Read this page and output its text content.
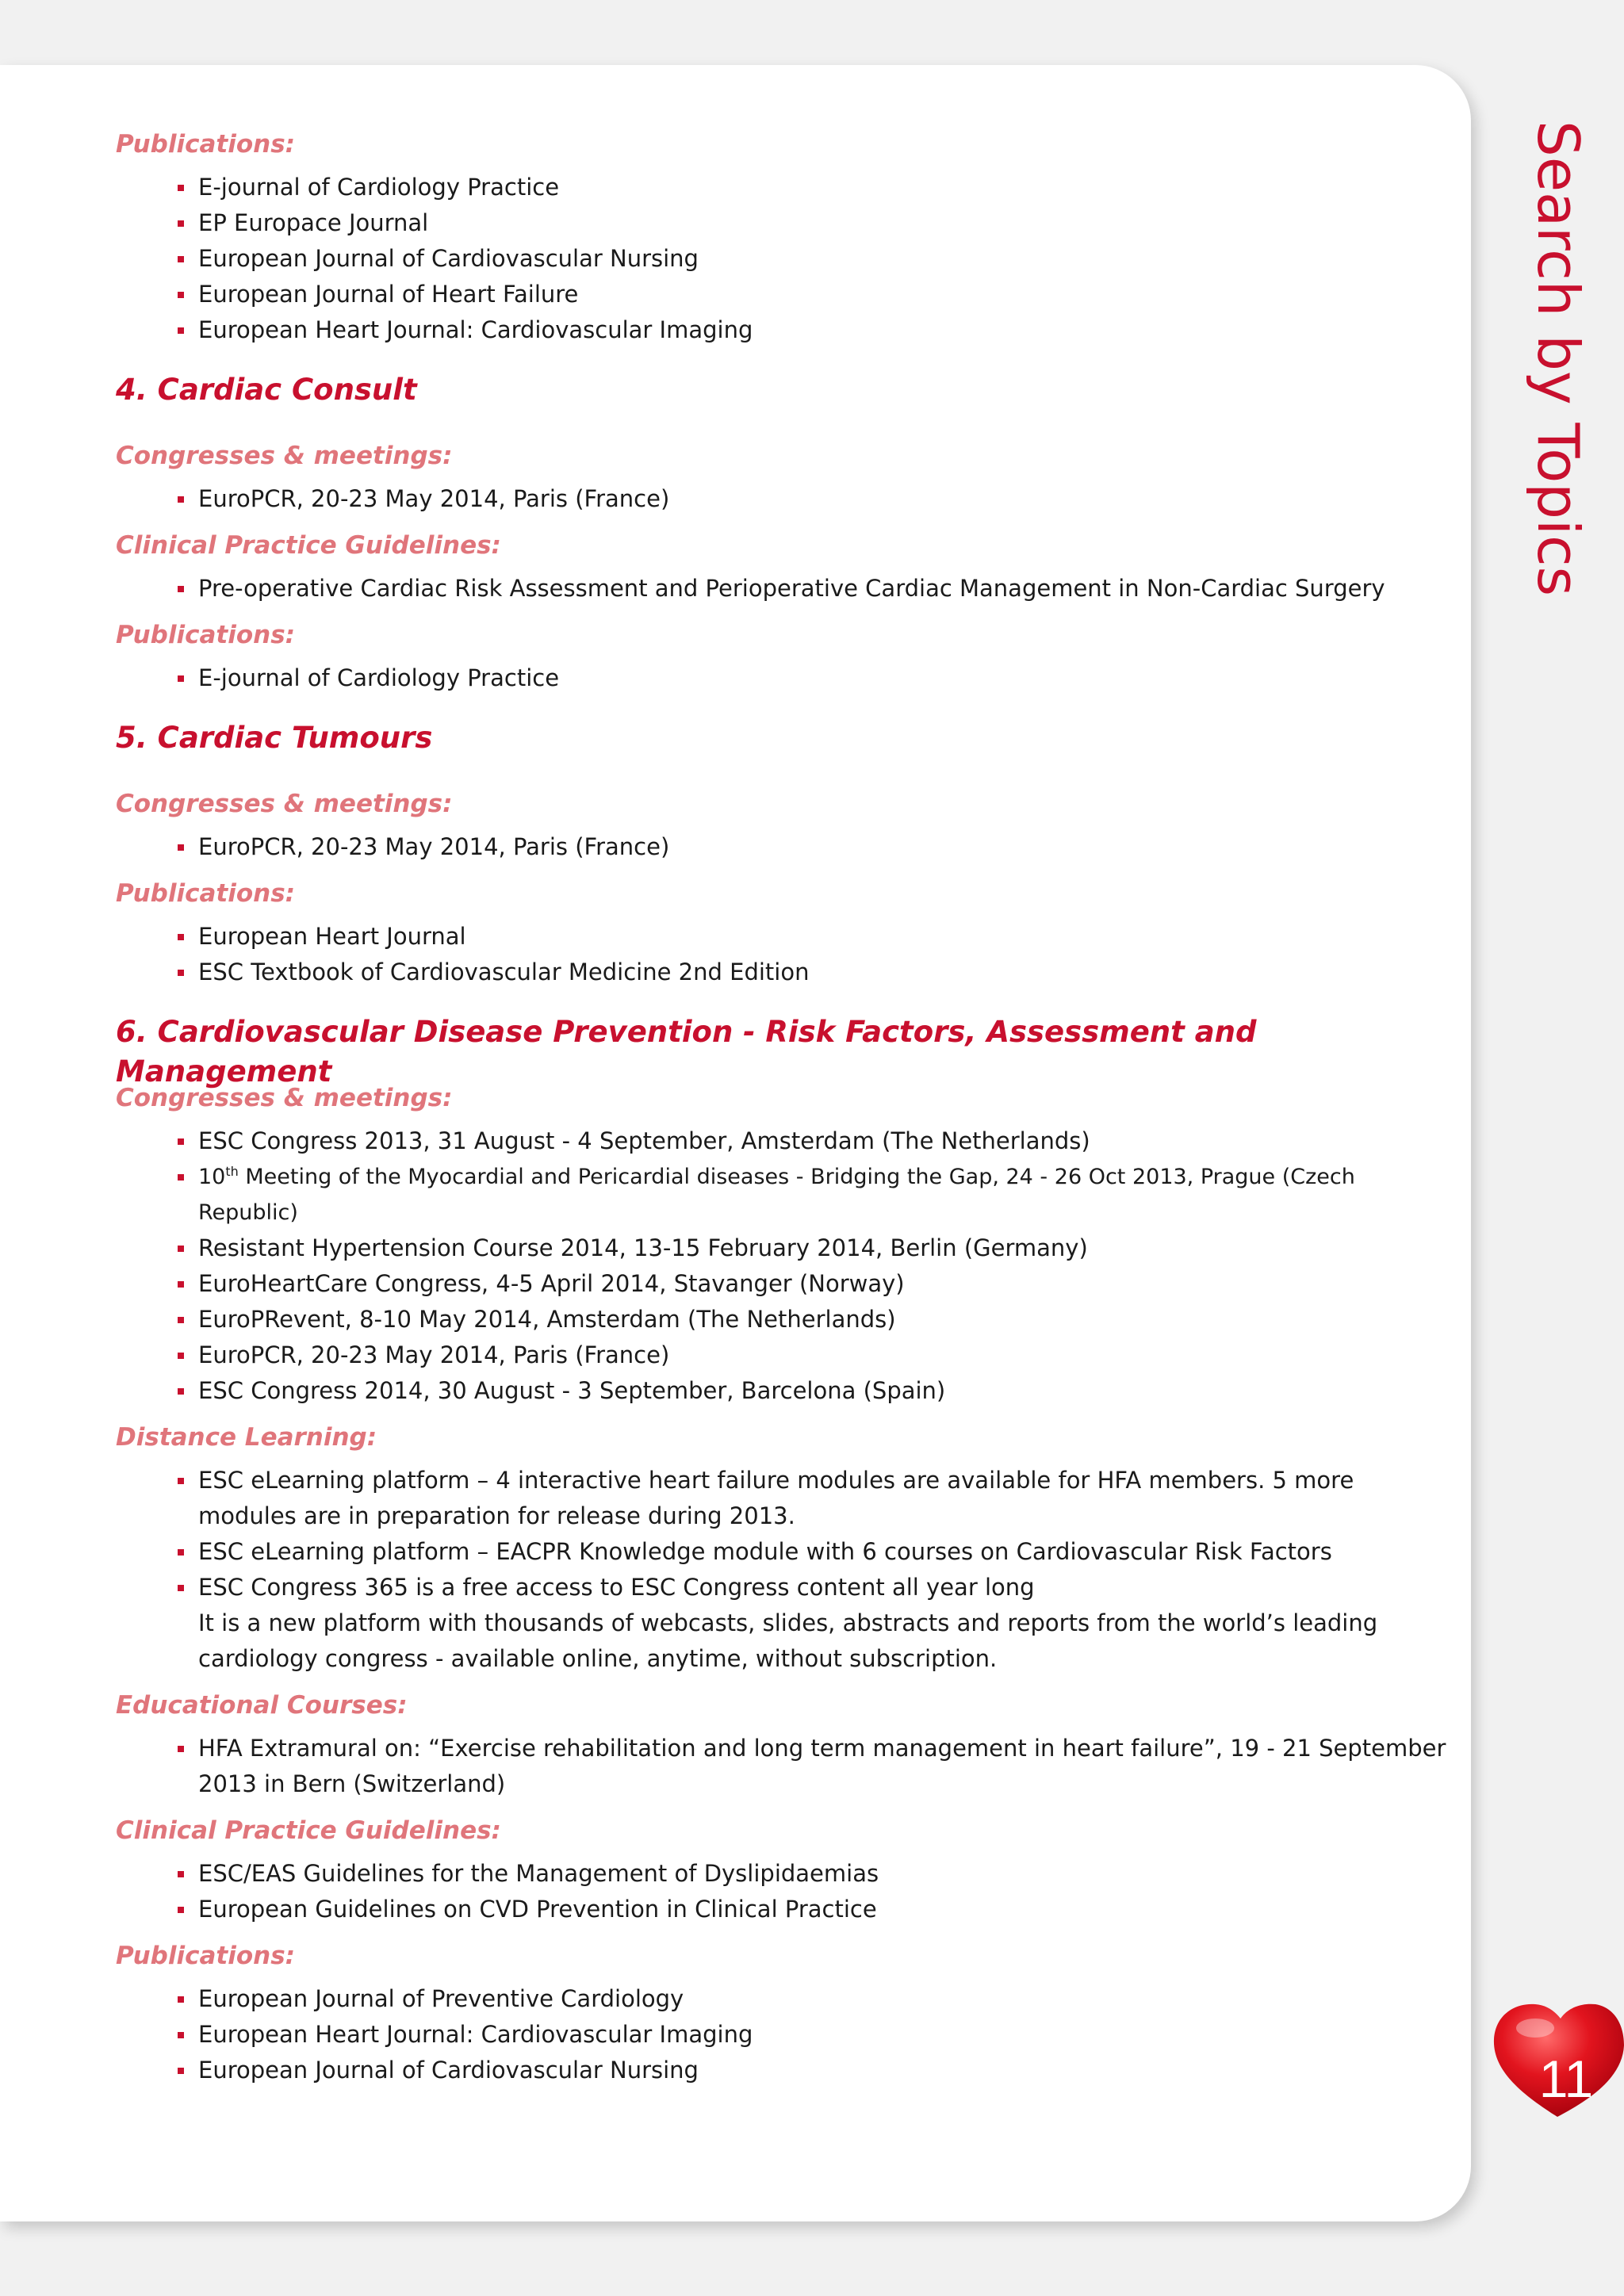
Search by Topics
11
Publications:
E-journal of Cardiology Practice
EP Europace Journal
European Journal of Cardiovascular Nursing
European Journal of Heart Failure
European Heart Journal: Cardiovascular Imaging
4. Cardiac Consult
Congresses & meetings:
EuroPCR, 20-23 May 2014, Paris (France)
Clinical Practice Guidelines:
Pre-operative Cardiac Risk Assessment and Perioperative Cardiac Management in Non-Cardiac Surgery
Publications:
E-journal of Cardiology Practice
5. Cardiac Tumours
Congresses & meetings:
EuroPCR, 20-23 May 2014, Paris (France)
Publications:
European Heart Journal
ESC Textbook of Cardiovascular Medicine 2nd Edition
6. Cardiovascular Disease Prevention - Risk Factors, Assessment and Management
Congresses & meetings:
ESC Congress 2013, 31 August - 4 September, Amsterdam (The Netherlands)
10th Meeting of the Myocardial and Pericardial diseases - Bridging the Gap, 24 - 26 Oct 2013, Prague (Czech Republic)
Resistant Hypertension Course 2014, 13-15 February 2014, Berlin (Germany)
EuroHeartCare Congress, 4-5 April 2014, Stavanger (Norway)
EuroPRevent, 8-10 May 2014, Amsterdam (The Netherlands)
EuroPCR, 20-23 May 2014, Paris (France)
ESC Congress 2014, 30 August - 3 September, Barcelona (Spain)
Distance Learning:
ESC eLearning platform – 4 interactive heart failure modules are available for HFA members. 5 more modules are in preparation for release during 2013.
ESC eLearning platform – EACPR Knowledge module with 6 courses on Cardiovascular Risk Factors
ESC Congress 365 is a free access to ESC Congress content all year long
It is a new platform with thousands of webcasts, slides, abstracts and reports from the world’s leading cardiology congress - available online, anytime, without subscription.
Educational Courses:
HFA Extramural on: “Exercise rehabilitation and long term management in heart failure”, 19 - 21 September 2013 in Bern (Switzerland)
Clinical Practice Guidelines:
ESC/EAS Guidelines for the Management of Dyslipidaemias
European Guidelines on CVD Prevention in Clinical Practice
Publications:
European Journal of Preventive Cardiology
European Heart Journal: Cardiovascular Imaging
European Journal of Cardiovascular Nursing
